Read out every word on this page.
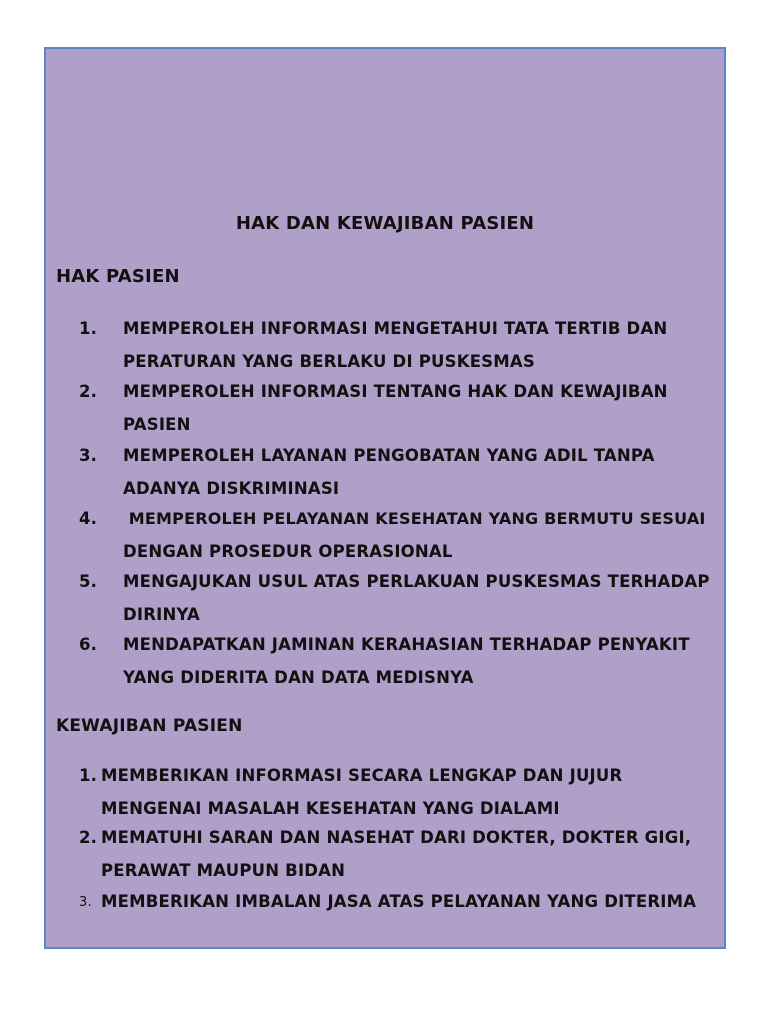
HAK DAN KEWAJIBAN PASIEN
HAK PASIEN
1. MEMPEROLEH INFORMASI MENGETAHUI TATA TERTIB DAN
PERATURAN YANG BERLAKU DI PUSKESMAS
2. MEMPEROLEH INFORMASI TENTANG HAK DAN KEWAJIBAN
PASIEN
3. MEMPEROLEH LAYANAN PENGOBATAN YANG ADIL TANPA
ADANYA DISKRIMINASI
4. MEMPEROLEH PELAYANAN KESEHATAN YANG BERMUTU SESUAI
DENGAN PROSEDUR OPERASIONAL
5. MENGAJUKAN USUL ATAS PERLAKUAN PUSKESMAS TERHADAP
DIRINYA
6. MENDAPATKAN JAMINAN KERAHASIAN TERHADAP PENYAKIT
YANG DIDERITA DAN DATA MEDISNYA
KEWAJIBAN PASIEN
1. MEMBERIKAN INFORMASI SECARA LENGKAP DAN JUJUR
MENGENAI MASALAH KESEHATAN YANG DIALAMI
2. MEMATUHI SARAN DAN NASEHAT DARI DOKTER, DOKTER GIGI,
PERAWAT MAUPUN BIDAN
3. MEMBERIKAN IMBALAN JASA ATAS PELAYANAN YANG DITERIMA
